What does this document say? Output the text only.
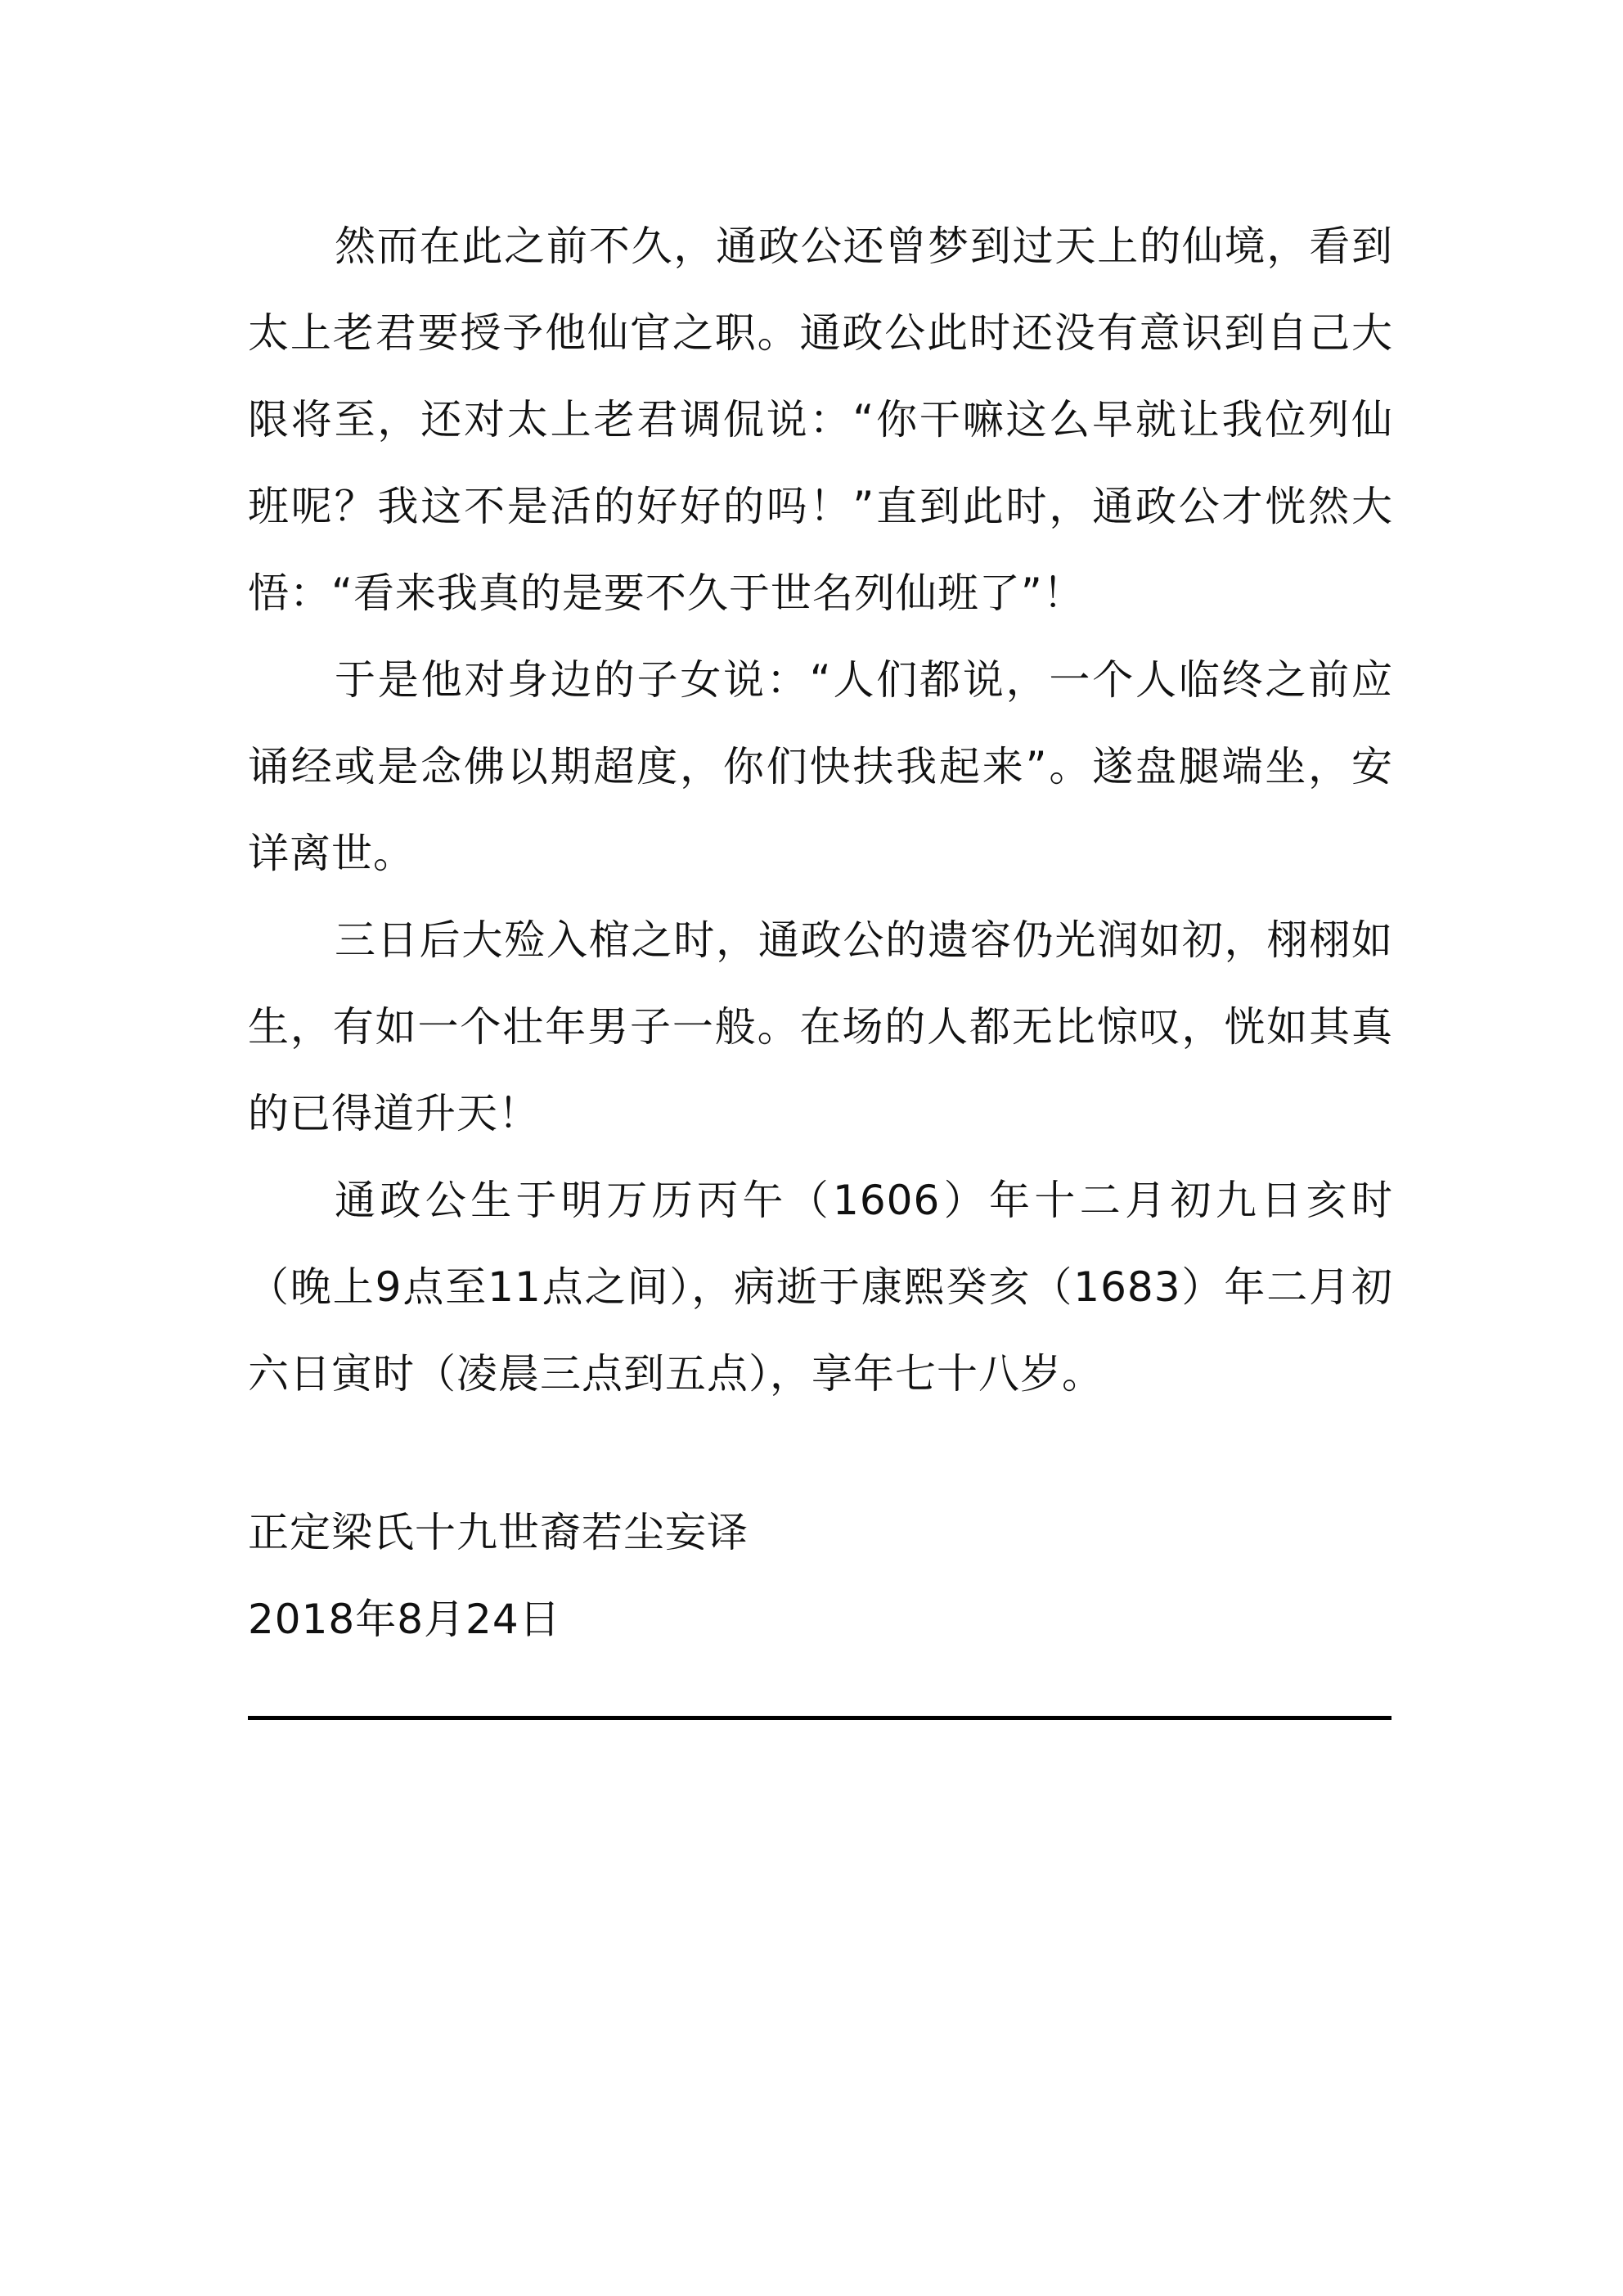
然而在此之前不久，通政公还曾梦到过天上的仙境，看到太上老君要授予他仙官之职。通政公此时还没有意识到自己大限将至，还对太上老君调侃说：“你干嘛这么早就让我位列仙班呢？我这不是活的好好的吗！”直到此时，通政公才恍然大悟：“看来我真的是要不久于世名列仙班了”！

于是他对身边的子女说：“人们都说，一个人临终之前应诵经或是念佛以期超度，你们快扶我起来”。遂盘腿端坐，安详离世。

三日后大殓入棺之时，通政公的遗容仍光润如初，栩栩如生，有如一个壮年男子一般。在场的人都无比惊叹，恍如其真的已得道升天！

通政公生于明万历丙午（1606）年十二月初九日亥时（晚上9点至11点之间），病逝于康熙癸亥（1683）年二月初六日寅时（凌晨三点到五点），享年七十八岁。

正定梁氏十九世裔若尘妄译
2018年8月24日
